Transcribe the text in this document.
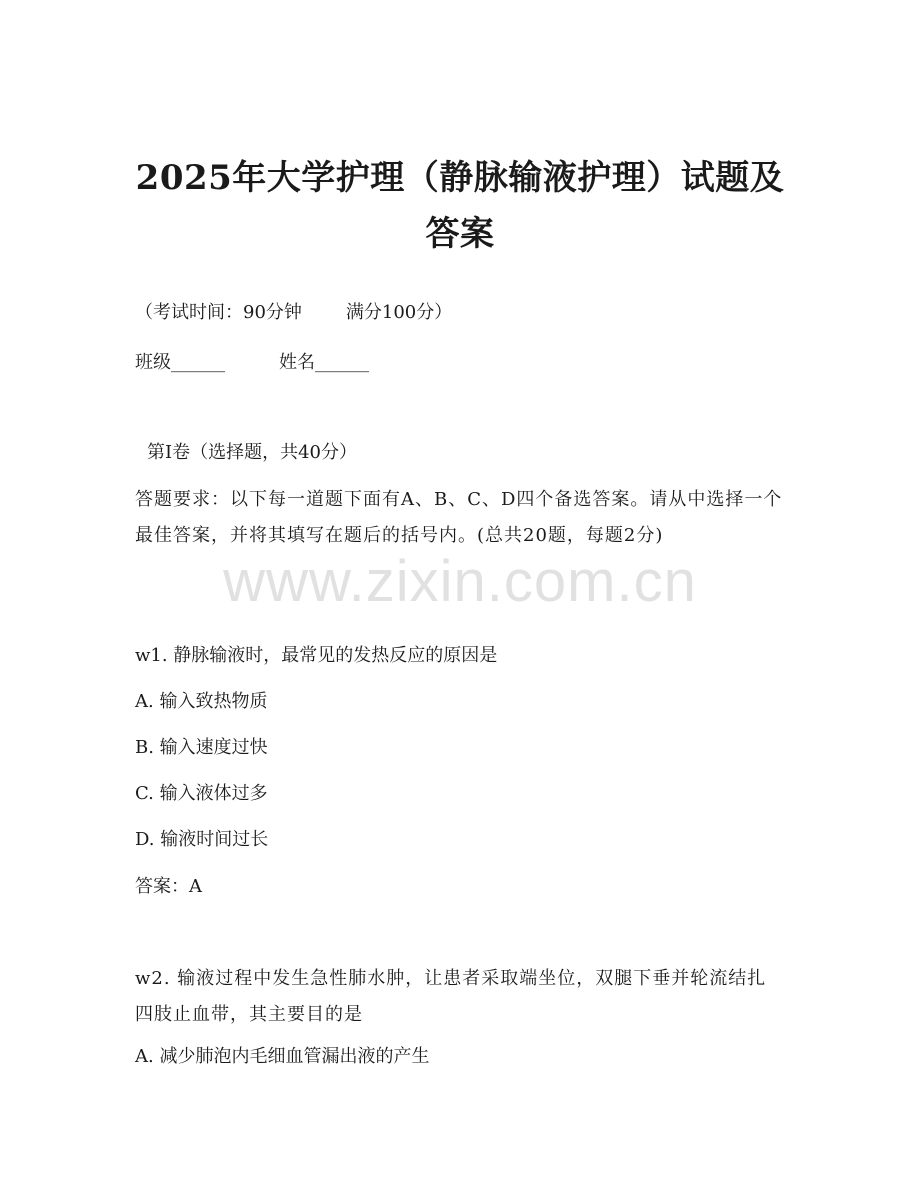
2025年大学护理（静脉输液护理）试题及答案
（考试时间：90分钟 满分100分）
班级______	姓名______
第Ⅰ卷（选择题，共40分）
答题要求：以下每一道题下面有A、B、C、D四个备选答案。请从中选择一个最佳答案，并将其填写在题后的括号内。(总共20题，每题2分)
www.zixin.com.cn
w1. 静脉输液时，最常见的发热反应的原因是
A. 输入致热物质
B. 输入速度过快
C. 输入液体过多
D. 输液时间过长
答案：A
w2. 输液过程中发生急性肺水肿，让患者采取端坐位，双腿下垂并轮流结扎四肢止血带，其主要目的是
A. 减少肺泡内毛细血管漏出液的产生
